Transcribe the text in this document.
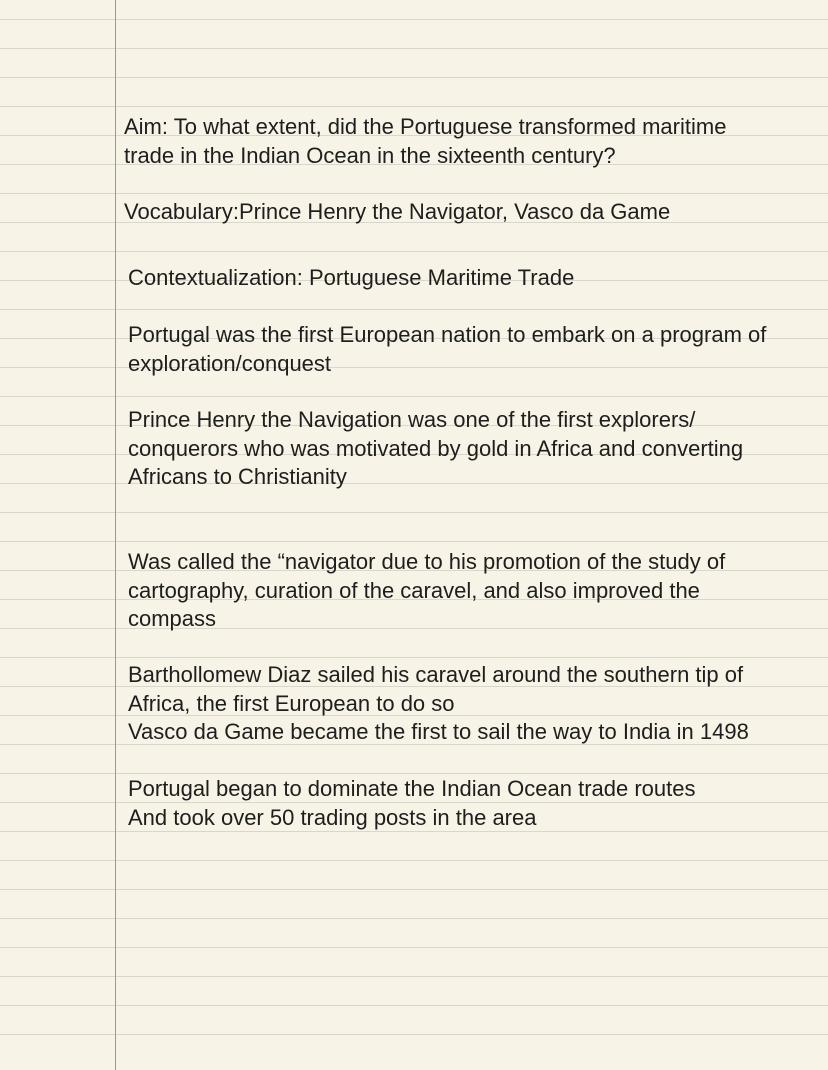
Aim: To what extent, did the Portuguese transformed maritime
trade in the Indian Ocean in the sixteenth century?

Vocabulary:Prince Henry the Navigator, Vasco da Game

Contextualization: Portuguese Maritime Trade

Portugal was the first European nation to embark on a program of
exploration/conquest

Prince Henry the Navigation was one of the first explorers/
conquerors who was motivated by gold in Africa and converting
Africans to Christianity

Was called the “navigator due to his promotion of the study of
cartography, curation of the caravel, and also improved the
compass

Barthollomew Diaz sailed his caravel around the southern tip of
Africa, the first European to do so
Vasco da Game became the first to sail the way to India in 1498

Portugal began to dominate the Indian Ocean trade routes
And took over 50 trading posts in the area
